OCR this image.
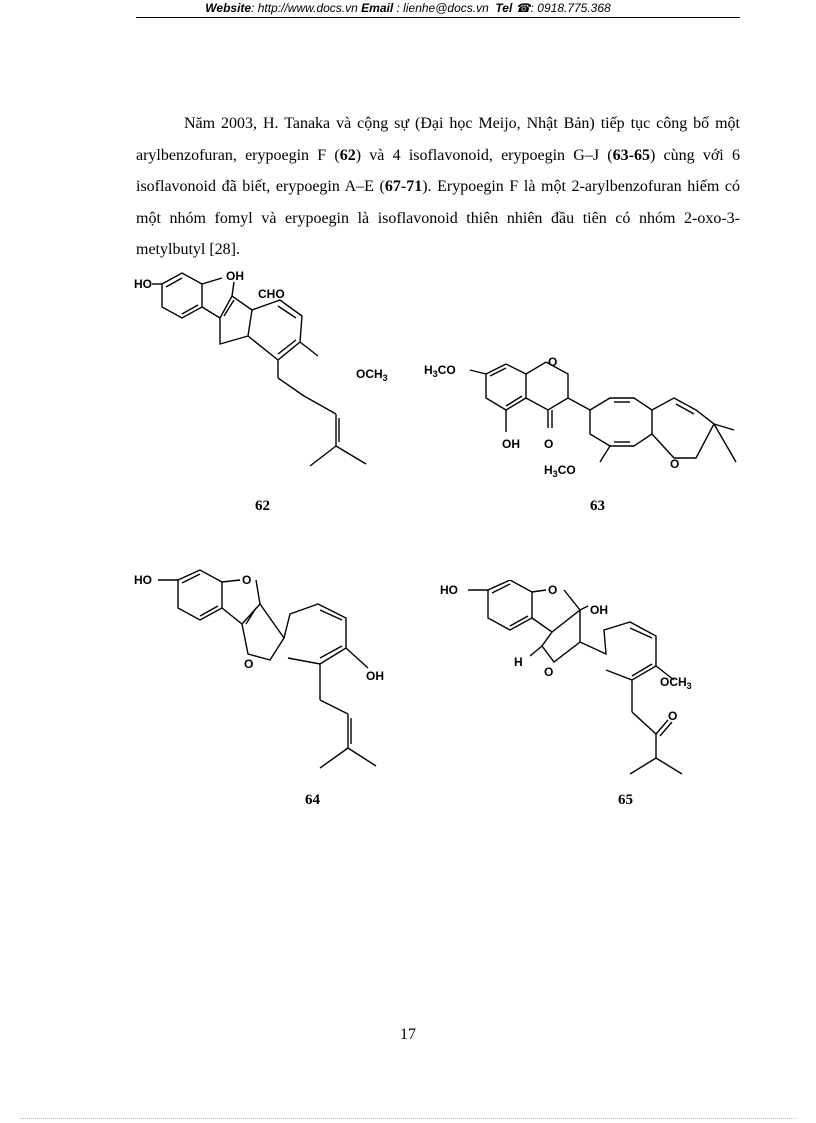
Website: http://www.docs.vn Email : lienhe@docs.vn Tel ☎: 0918.775.368

Năm 2003, H. Tanaka và cộng sự (Đại học Meijo, Nhật Bản) tiếp tục công bố một arylbenzofuran, erypoegin F (62) và 4 isoflavonoid, erypoegin G–J (63-65) cùng với 6 isoflavonoid đã biết, erypoegin A–E (67-71). Erypoegin F là một 2-arylbenzofuran hiếm có một nhóm fomyl và erypoegin là isoflavonoid thiên nhiên đầu tiên có nhóm 2-oxo-3-metylbutyl [28].

HO
OH
CHO
$OCH_3$
62
$H_3CO$
O
OH O
$H_3CO$	O
63
HO	O
O
OH
64
HO	O
OH
H
O
$OCH_3$
O
65
17
